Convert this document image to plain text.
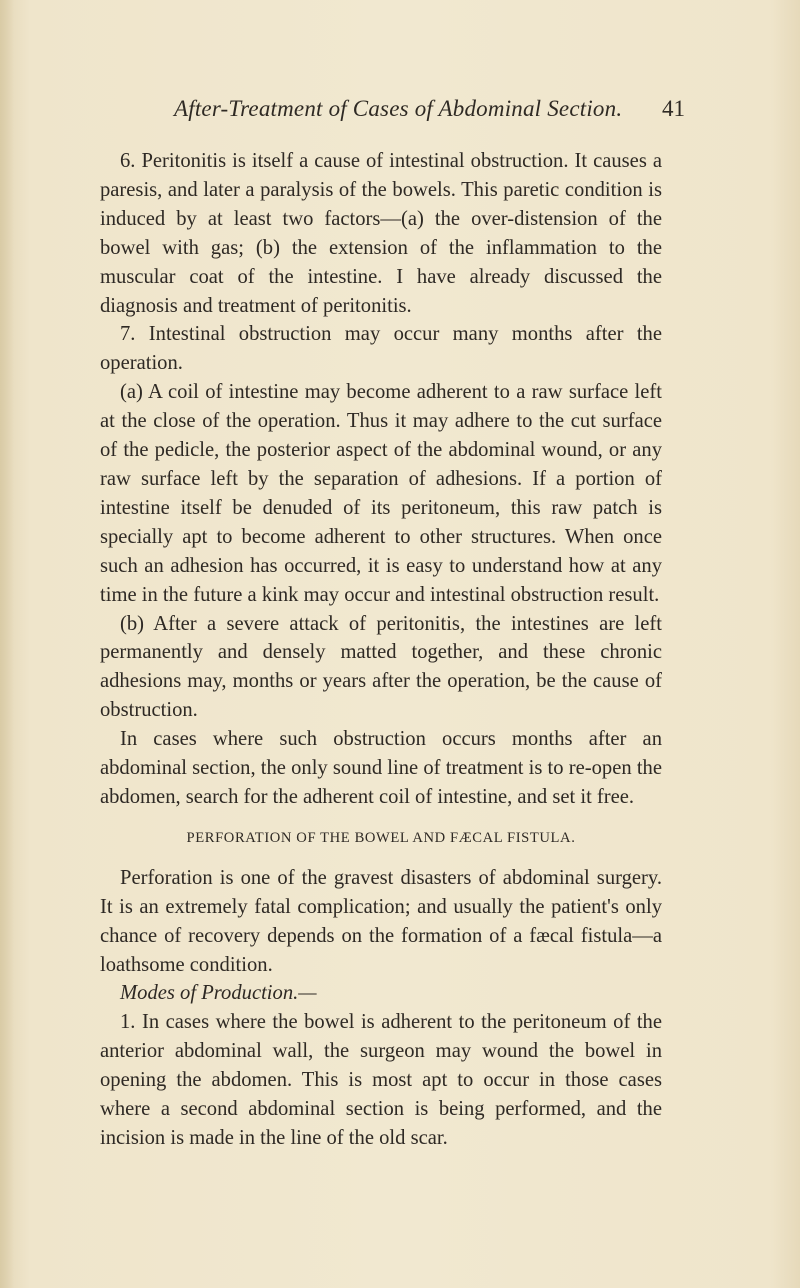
After-Treatment of Cases of Abdominal Section. 41

6. Peritonitis is itself a cause of intestinal obstruction. It causes a paresis, and later a paralysis of the bowels. This paretic condition is induced by at least two factors—(a) the over-distension of the bowel with gas; (b) the extension of the inflammation to the muscular coat of the intestine. I have already discussed the diagnosis and treatment of peritonitis.

7. Intestinal obstruction may occur many months after the operation.

(a) A coil of intestine may become adherent to a raw surface left at the close of the operation. Thus it may adhere to the cut surface of the pedicle, the posterior aspect of the abdominal wound, or any raw surface left by the separation of adhesions. If a portion of intestine itself be denuded of its peritoneum, this raw patch is specially apt to become adherent to other structures. When once such an adhesion has occurred, it is easy to understand how at any time in the future a kink may occur and intestinal obstruction result.

(b) After a severe attack of peritonitis, the intestines are left permanently and densely matted together, and these chronic adhesions may, months or years after the operation, be the cause of obstruction.

In cases where such obstruction occurs months after an abdominal section, the only sound line of treatment is to re-open the abdomen, search for the adherent coil of intestine, and set it free.

PERFORATION OF THE BOWEL AND FÆCAL FISTULA.

Perforation is one of the gravest disasters of abdominal surgery. It is an extremely fatal complication; and usually the patient's only chance of recovery depends on the formation of a fæcal fistula—a loathsome condition.

Modes of Production.—

1. In cases where the bowel is adherent to the peritoneum of the anterior abdominal wall, the surgeon may wound the bowel in opening the abdomen. This is most apt to occur in those cases where a second abdominal section is being performed, and the incision is made in the line of the old scar.
